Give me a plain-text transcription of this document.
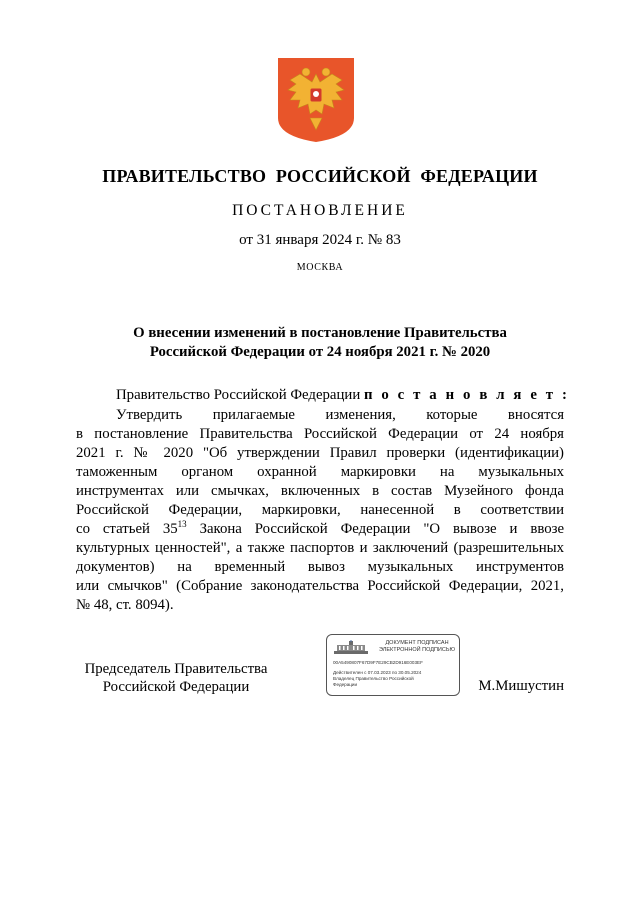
ПРАВИТЕЛЬСТВО РОССИЙСКОЙ ФЕДЕРАЦИИ
ПОСТАНОВЛЕНИЕ
от 31 января 2024 г. № 83
МОСКВА
О внесении изменений в постановление Правительства
Российской Федерации от 24 ноября 2021 г. № 2020
Правительство Российской Федерации п о с т а н о в л я е т :
Утвердить прилагаемые изменения, которые вносятся
в постановление Правительства Российской Федерации от 24 ноября
2021 г. № 2020 "Об утверждении Правил проверки (идентификации)
таможенным органом охранной маркировки на музыкальных
инструментах или смычках, включенных в состав Музейного фонда
Российской Федерации, маркировки, нанесенной в соответствии
со статьей $35^{13}$ Закона Российской Федерации "О вывозе и ввозе
культурных ценностей", а также паспортов и заключений (разрешительных
документов) на временный вывоз музыкальных инструментов
или смычков" (Собрание законодательства Российской Федерации, 2021,
№ 48, ст. 8094).
Председатель Правительства
Российской Федерации
ДОКУМЕНТ ПОДПИСАН
ЭЛЕКТРОННОЙ ПОДПИСЬЮ
00A5490807F67D9F7E29CB2D916E003EF
Действителен с 07.03.2023 по 30.05.2024
Владелец Правительство Российской Федерации	М.Мишустин
